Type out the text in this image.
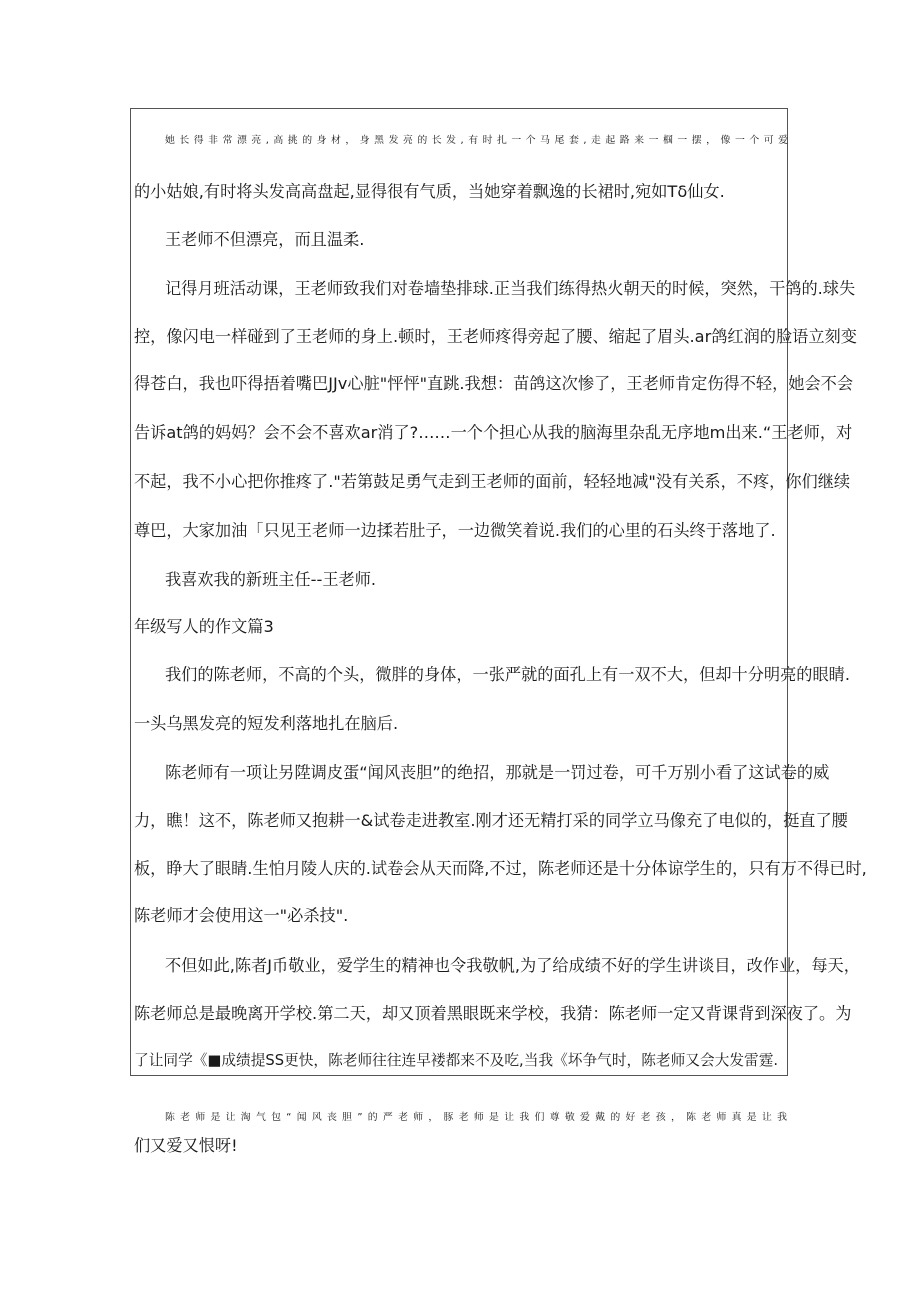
她长得非常漂亮,高挑的身材，身黑发亮的长发,有时扎一个马尾套,走起路来一椢一摆，像一个可爱
的小姑娘,有时将头发高高盘起,显得很有气质，当她穿着飘逸的长裙时,宛如Tδ仙女.
王老师不但漂亮，而且温柔.
记得月班活动课，王老师致我们对卷墙垫排球.正当我们练得热火朝天的时候，突然，干鸽的.球失
控，像闪电一样碰到了王老师的身上.顿时，王老师疼得旁起了腰、缩起了眉头.ar鸽红润的脸语立刻变
得苍白，我也吓得捂着嘴巴JJv心脏"怦怦"直跳.我想：苗鸽这次惨了，王老师肯定伤得不轻，她会不会
告诉at鸽的妈妈？会不会不喜欢ar消了?……一个个担心从我的脑海里杂乱无序地m出来.“王老师，对
不起，我不小心把你推疼了."若第鼓足勇气走到王老师的面前，轻轻地减"没有关系，不疼，你们继续
尊巴，大家加油「只见王老师一边揉若肚子，一边微笑着说.我们的心里的石头终于落地了.
我喜欢我的新班主任--王老师.
年级写人的作文篇3
我们的陈老师，不高的个头，微胖的身体，一张严就的面孔上有一双不大，但却十分明亮的眼睛.
一头乌黑发亮的短发利落地扎在脑后.
陈老师有一项让另陞调皮蛋“闻风丧胆”的绝招，那就是一罚过卷，可千万别小看了这试卷的威
力，瞧！这不，陈老师又抱耕一&试卷走进教室.刚才还无精打采的同学立马像充了电似的，挺直了腰
板，睁大了眼睛.生怕月陵人庆的.试卷会从天而降,不过，陈老师还是十分体谅学生的，只有万不得已时,
陈老师才会使用这一"必杀技".
不但如此,陈者J币敬业，爱学生的精神也令我敬帆,为了给成绩不好的学生讲谈目，改作业，每天，
陈老师总是最晚离开学校.第二天，却又顶着黑眼既来学校，我猜：陈老师一定又背课背到深夜了。为
了让同学《■成绩提SS更快，陈老师往往连早褛都来不及吃,当我《坏争气时，陈老师又会大发雷霆.
陈老师是让淘气包“闻风丧胆”的严老师，豚老师是让我们尊敬爱戴的好老孩，陈老师真是让我
们又爱又恨呀!
